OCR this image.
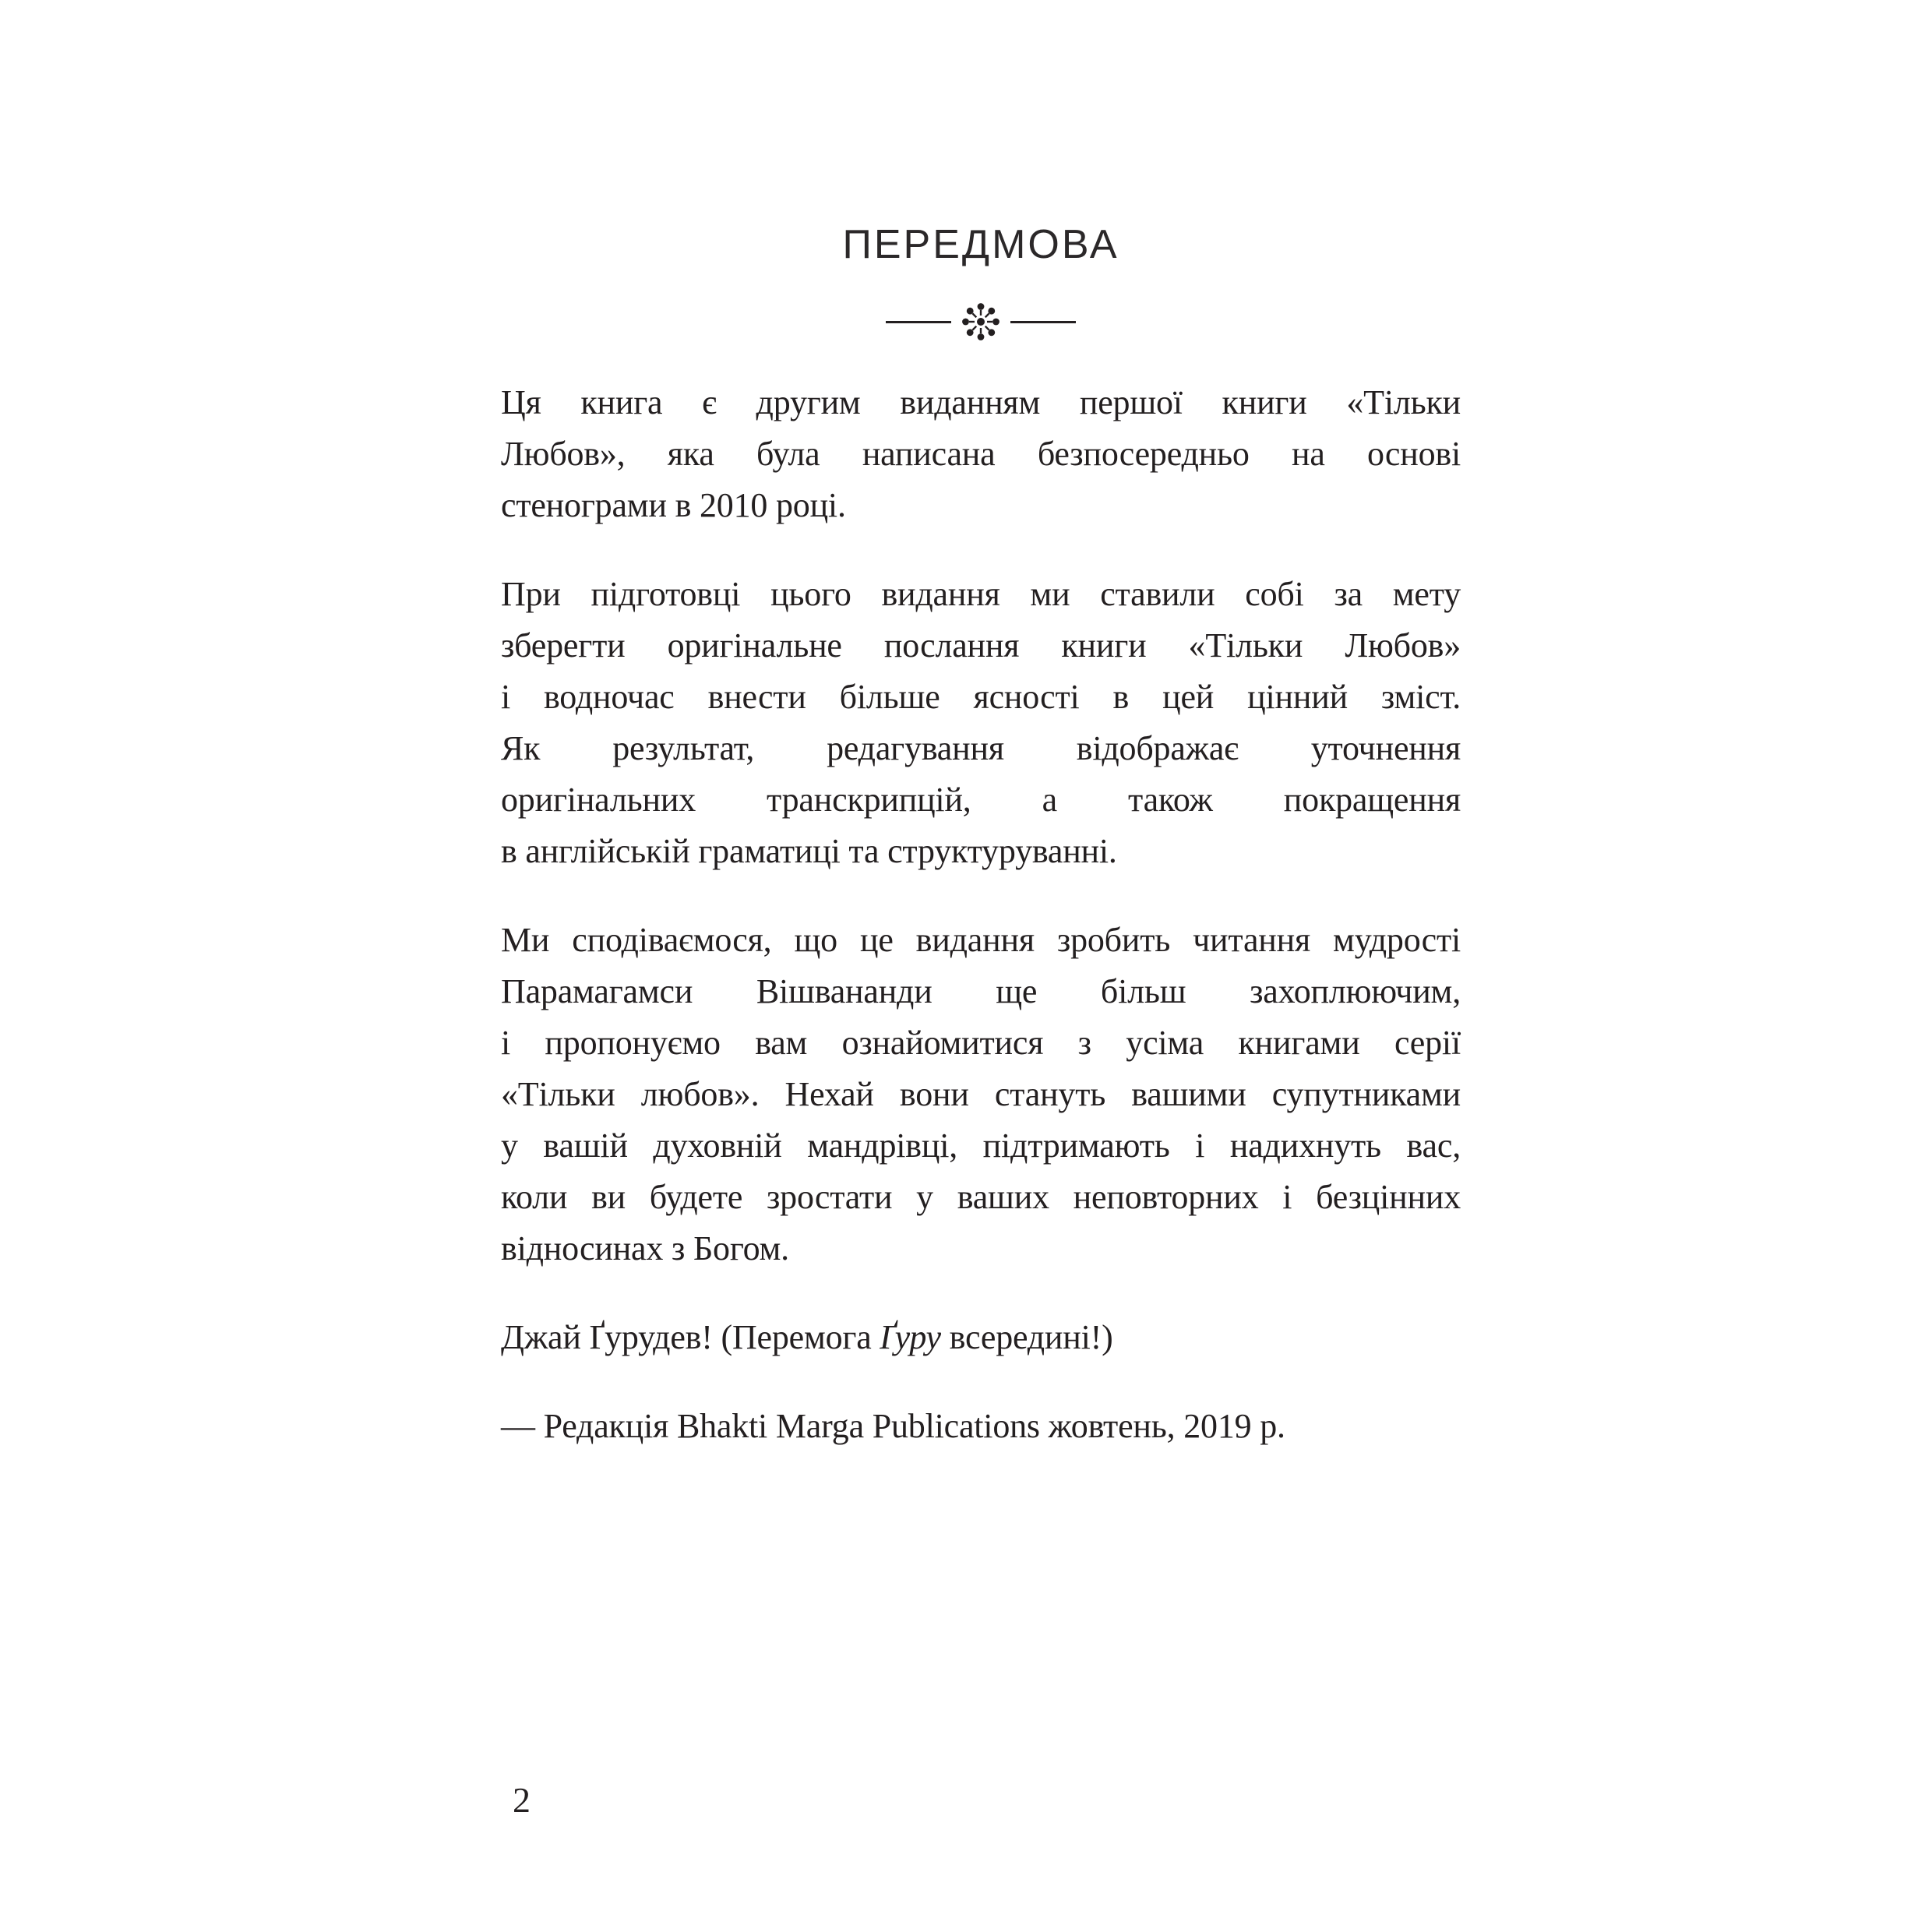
ПЕРЕДМОВА
Ця книга є другим виданням першої книги «Тільки
Любов», яка була написана безпосередньо на основі
стенограми в 2010 році.
При підготовці цього видання ми ставили собі за мету
зберегти оригінальне послання книги «Тільки Любов»
і водночас внести більше ясності в цей цінний зміст.
Як результат, редагування відображає уточнення
оригінальних транскрипцій, а також покращення
в англійській граматиці та структуруванні.
Ми сподіваємося, що це видання зробить читання мудрості
Парамагамси Вішвананди ще більш захоплюючим,
і пропонуємо вам ознайомитися з усіма книгами серії
«Тільки любов». Нехай вони стануть вашими супутниками
у вашій духовній мандрівці, підтримають і надихнуть вас,
коли ви будете зростати у ваших неповторних і безцінних
відносинах з Богом.
Джай Ґурудев! (Перемога Ґуру всередині!)
— Редакція Bhakti Marga Publications жовтень, 2019 р.
2
